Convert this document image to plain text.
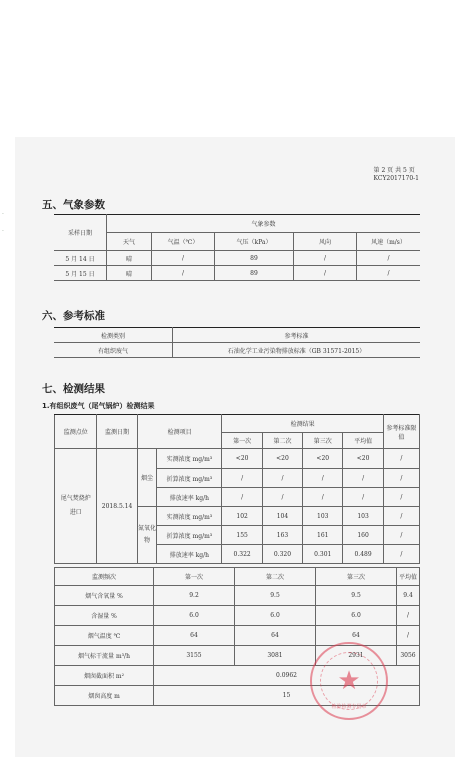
第 2 页 共 5 页
KCY2017170-1
五、气象参数
采样日期	气象参数				
	天气	气温（℃）	气压（kPa）	风向	风速（m/s）
5 月 14 日	晴	/	89	/	/
5 月 15 日	晴	/	89	/	/
六、参考标准
检测类别	参考标准
有组织废气	石油化学工业污染物排放标准（GB 31571-2015）
七、检测结果
1.有组织废气（尾气锅炉）检测结果
监测点位	监测日期	检测项目		检测结果				参考标准限值
				第一次	第二次	第三次	平均值	
尾气焚烧炉进口	2018.5.14	烟尘	实测浓度 mg/m³	<20	<20	<20	<20	/
			折算浓度 mg/m³	/	/	/	/	/
			排放速率 kg/h	/	/	/	/	/
		氮氧化物	实测浓度 mg/m³	102	104	103	103	/
			折算浓度 mg/m³	155	163	161	160	/
			排放速率 kg/h	0.322	0.320	0.301	0.489	/
监测频次	第一次	第二次	第三次	平均值
烟气含氧量 %	9.2	9.5	9.5	9.4
含湿量 %	6.0	6.0	6.0	/
烟气温度 ℃	64	64	64	/
烟气标干流量 m³/h	3155	3081	2931	3056
烟囱截面积 m²	0.0962			
烟囱高度 m	15			★
检验检测专用章
·
·
